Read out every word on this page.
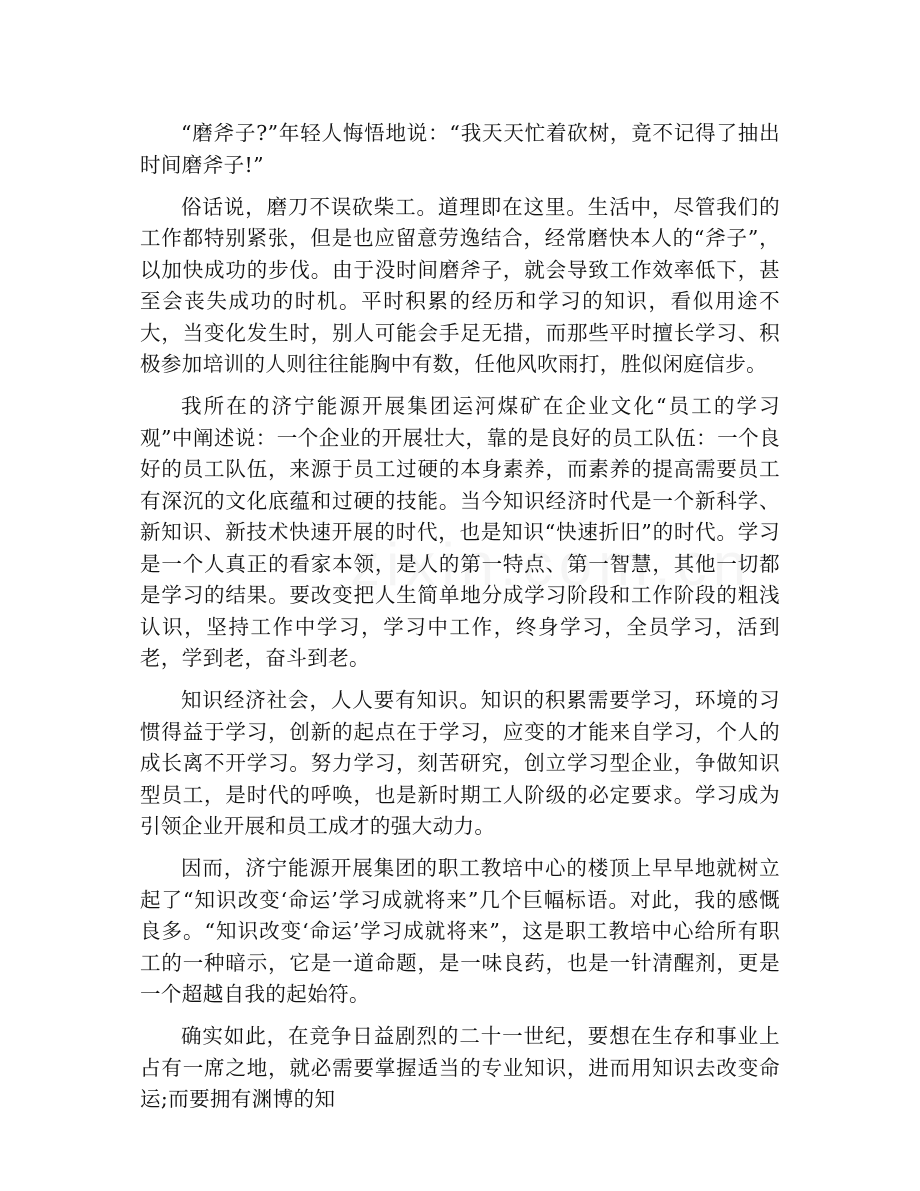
“磨斧子?”年轻人悔悟地说：“我天天忙着砍树，竟不记得了抽出时间磨斧子!”

俗话说，磨刀不误砍柴工。道理即在这里。生活中，尽管我们的工作都特别紧张，但是也应留意劳逸结合，经常磨快本人的“斧子”，以加快成功的步伐。由于没时间磨斧子，就会导致工作效率低下，甚至会丧失成功的时机。平时积累的经历和学习的知识，看似用途不大，当变化发生时，别人可能会手足无措，而那些平时擅长学习、积极参加培训的人则往往能胸中有数，任他风吹雨打，胜似闲庭信步。

我所在的济宁能源开展集团运河煤矿在企业文化“员工的学习观”中阐述说：一个企业的开展壮大，靠的是良好的员工队伍：一个良好的员工队伍，来源于员工过硬的本身素养，而素养的提高需要员工有深沉的文化底蕴和过硬的技能。当今知识经济时代是一个新科学、新知识、新技术快速开展的时代，也是知识“快速折旧”的时代。学习是一个人真正的看家本领，是人的第一特点、第一智慧，其他一切都是学习的结果。要改变把人生简单地分成学习阶段和工作阶段的粗浅认识，坚持工作中学习，学习中工作，终身学习，全员学习，活到老，学到老，奋斗到老。

知识经济社会，人人要有知识。知识的积累需要学习，环境的习惯得益于学习，创新的起点在于学习，应变的才能来自学习，个人的成长离不开学习。努力学习，刻苦研究，创立学习型企业，争做知识型员工，是时代的呼唤，也是新时期工人阶级的必定要求。学习成为引领企业开展和员工成才的强大动力。

因而，济宁能源开展集团的职工教培中心的楼顶上早早地就树立起了“知识改变‘命运’学习成就将来”几个巨幅标语。对此，我的感慨良多。“知识改变‘命运’学习成就将来”，这是职工教培中心给所有职工的一种暗示，它是一道命题，是一味良药，也是一针清醒剂，更是一个超越自我的起始符。

确实如此，在竞争日益剧烈的二十一世纪，要想在生存和事业上占有一席之地，就必需要掌握适当的专业知识，进而用知识去改变命运;而要拥有渊博的知
